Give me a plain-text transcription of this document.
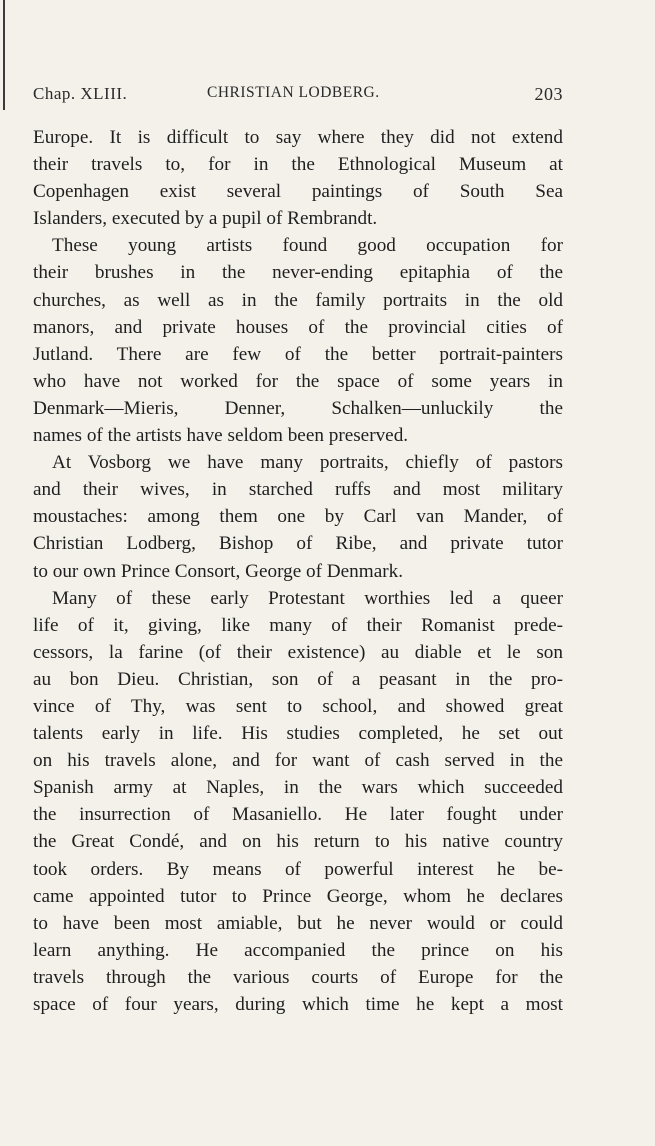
Chap. XLIII.	CHRISTIAN LODBERG.	203
Europe. It is difficult to say where they did not extend
their travels to, for in the Ethnological Museum at
Copenhagen exist several paintings of South Sea
Islanders, executed by a pupil of Rembrandt.
These young artists found good occupation for
their brushes in the never-ending epitaphia of the
churches, as well as in the family portraits in the old
manors, and private houses of the provincial cities of
Jutland. There are few of the better portrait-painters
who have not worked for the space of some years in
Denmark—Mieris, Denner, Schalken—unluckily the
names of the artists have seldom been preserved.
At Vosborg we have many portraits, chiefly of pastors
and their wives, in starched ruffs and most military
moustaches: among them one by Carl van Mander, of
Christian Lodberg, Bishop of Ribe, and private tutor
to our own Prince Consort, George of Denmark.
Many of these early Protestant worthies led a queer
life of it, giving, like many of their Romanist prede-
cessors, la farine (of their existence) au diable et le son
au bon Dieu. Christian, son of a peasant in the pro-
vince of Thy, was sent to school, and showed great
talents early in life. His studies completed, he set out
on his travels alone, and for want of cash served in the
Spanish army at Naples, in the wars which succeeded
the insurrection of Masaniello. He later fought under
the Great Condé, and on his return to his native country
took orders. By means of powerful interest he be-
came appointed tutor to Prince George, whom he declares
to have been most amiable, but he never would or could
learn anything. He accompanied the prince on his
travels through the various courts of Europe for the
space of four years, during which time he kept a most
